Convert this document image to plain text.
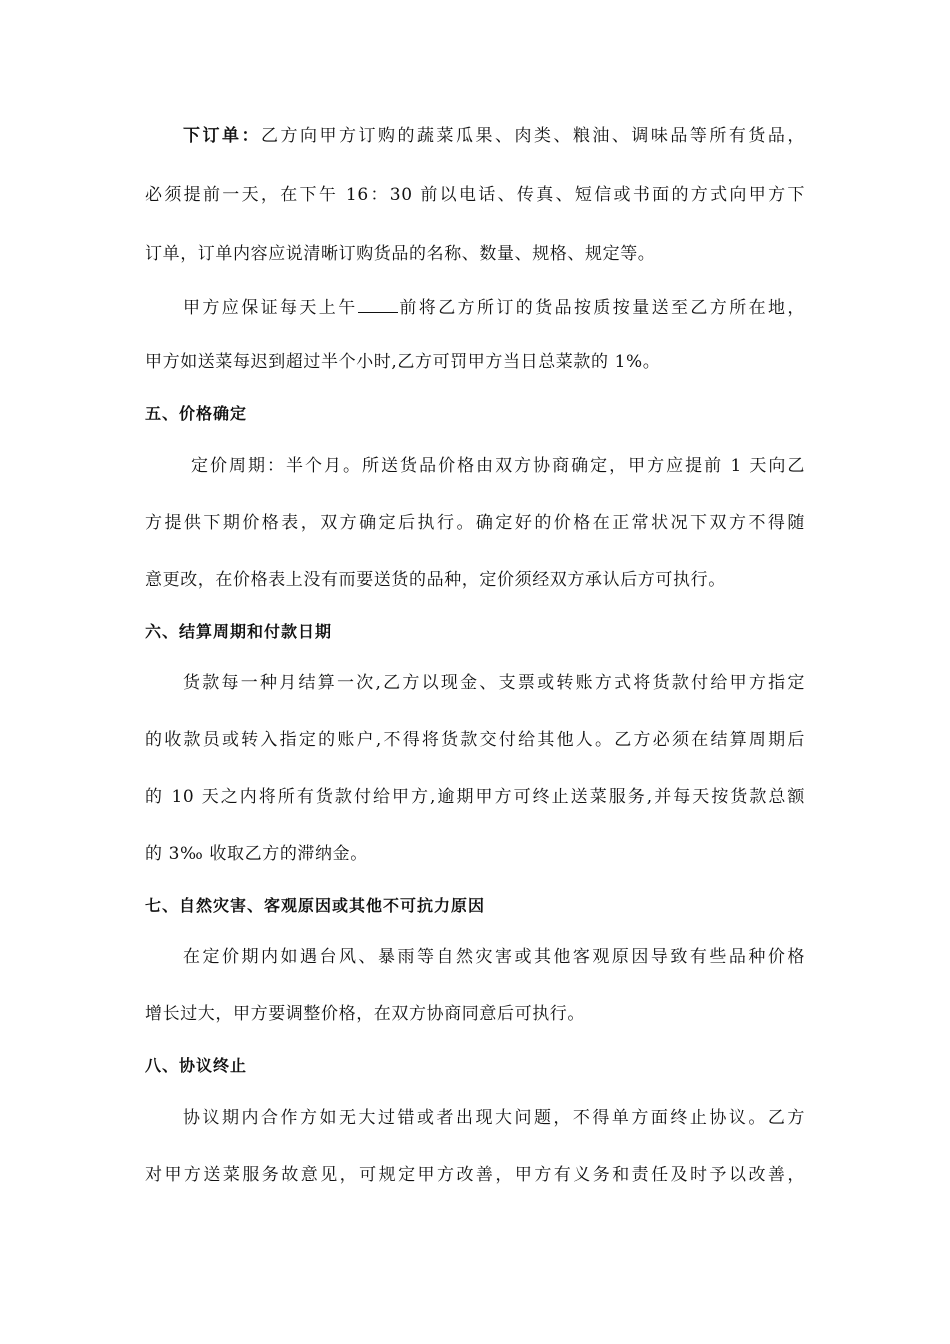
下订单：乙方向甲方订购的蔬菜瓜果、肉类、粮油、调味品等所有货品，
必须提前一天，在下午 16：30 前以电话、传真、短信或书面的方式向甲方下
订单，订单内容应说清晰订购货品的名称、数量、规格、规定等。
甲方应保证每天上午 前将乙方所订的货品按质按量送至乙方所在地，
甲方如送菜每迟到超过半个小时,乙方可罚甲方当日总菜款的 1%。
五、价格确定
定价周期：半个月。所送货品价格由双方协商确定，甲方应提前 1 天向乙
方提供下期价格表，双方确定后执行。确定好的价格在正常状况下双方不得随
意更改，在价格表上没有而要送货的品种，定价须经双方承认后方可执行。
六、结算周期和付款日期
货款每一种月结算一次,乙方以现金、支票或转账方式将货款付给甲方指定
的收款员或转入指定的账户,不得将货款交付给其他人。乙方必须在结算周期后
的 10 天之内将所有货款付给甲方,逾期甲方可终止送菜服务,并每天按货款总额
的 3‰ 收取乙方的滞纳金。
七、自然灾害、客观原因或其他不可抗力原因
在定价期内如遇台风、暴雨等自然灾害或其他客观原因导致有些品种价格
增长过大，甲方要调整价格，在双方协商同意后可执行。
八、协议终止
协议期内合作方如无大过错或者出现大问题，不得单方面终止协议。乙方
对甲方送菜服务故意见，可规定甲方改善，甲方有义务和责任及时予以改善，
